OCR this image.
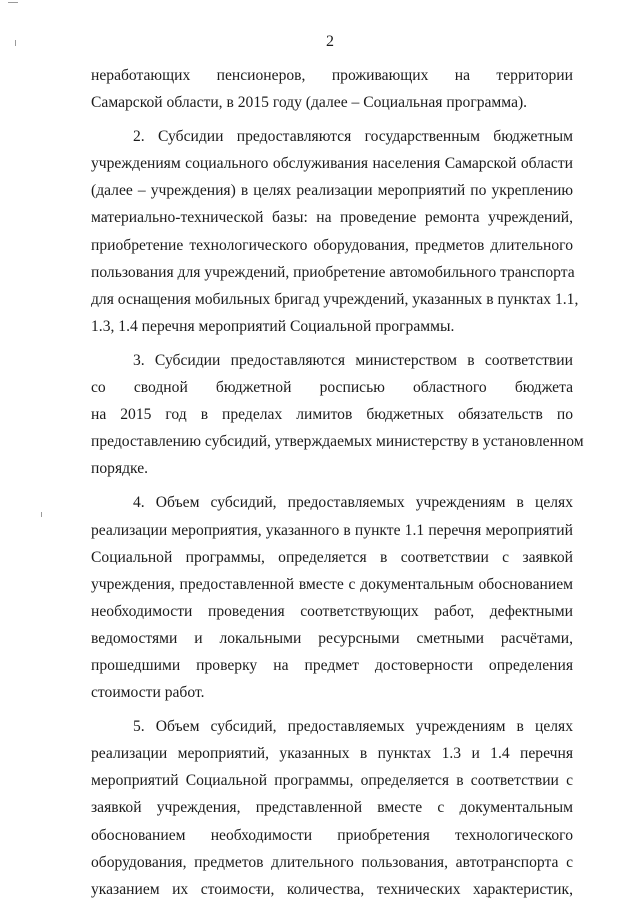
2
неработающих пенсионеров, проживающих на территории
Самарской области, в 2015 году (далее – Социальная программа).
2. Субсидии предоставляются государственным бюджетным
учреждениям социального обслуживания населения Самарской области
(далее – учреждения) в целях реализации мероприятий по укреплению
материально-технической базы: на проведение ремонта учреждений,
приобретение технологического оборудования, предметов длительного
пользования для учреждений, приобретение автомобильного транспорта
для оснащения мобильных бригад учреждений, указанных в пунктах 1.1,
1.3, 1.4 перечня мероприятий Социальной программы.
3. Субсидии предоставляются министерством в соответствии
со сводной бюджетной росписью областного бюджета
на 2015 год в пределах лимитов бюджетных обязательств по
предоставлению субсидий, утверждаемых министерству в установленном
порядке.
4. Объем субсидий, предоставляемых учреждениям в целях
реализации мероприятия, указанного в пункте 1.1 перечня мероприятий
Социальной программы, определяется в соответствии с заявкой
учреждения, предоставленной вместе с документальным обоснованием
необходимости проведения соответствующих работ, дефектными
ведомостями и локальными ресурсными сметными расчётами,
прошедшими проверку на предмет достоверности определения
стоимости работ.
5. Объем субсидий, предоставляемых учреждениям в целях
реализации мероприятий, указанных в пунктах 1.3 и 1.4 перечня
мероприятий Социальной программы, определяется в соответствии с
заявкой учреждения, представленной вместе с документальным
обоснованием необходимости приобретения технологического
оборудования, предметов длительного пользования, автотранспорта с
указанием их стоимости, количества, технических характеристик,
